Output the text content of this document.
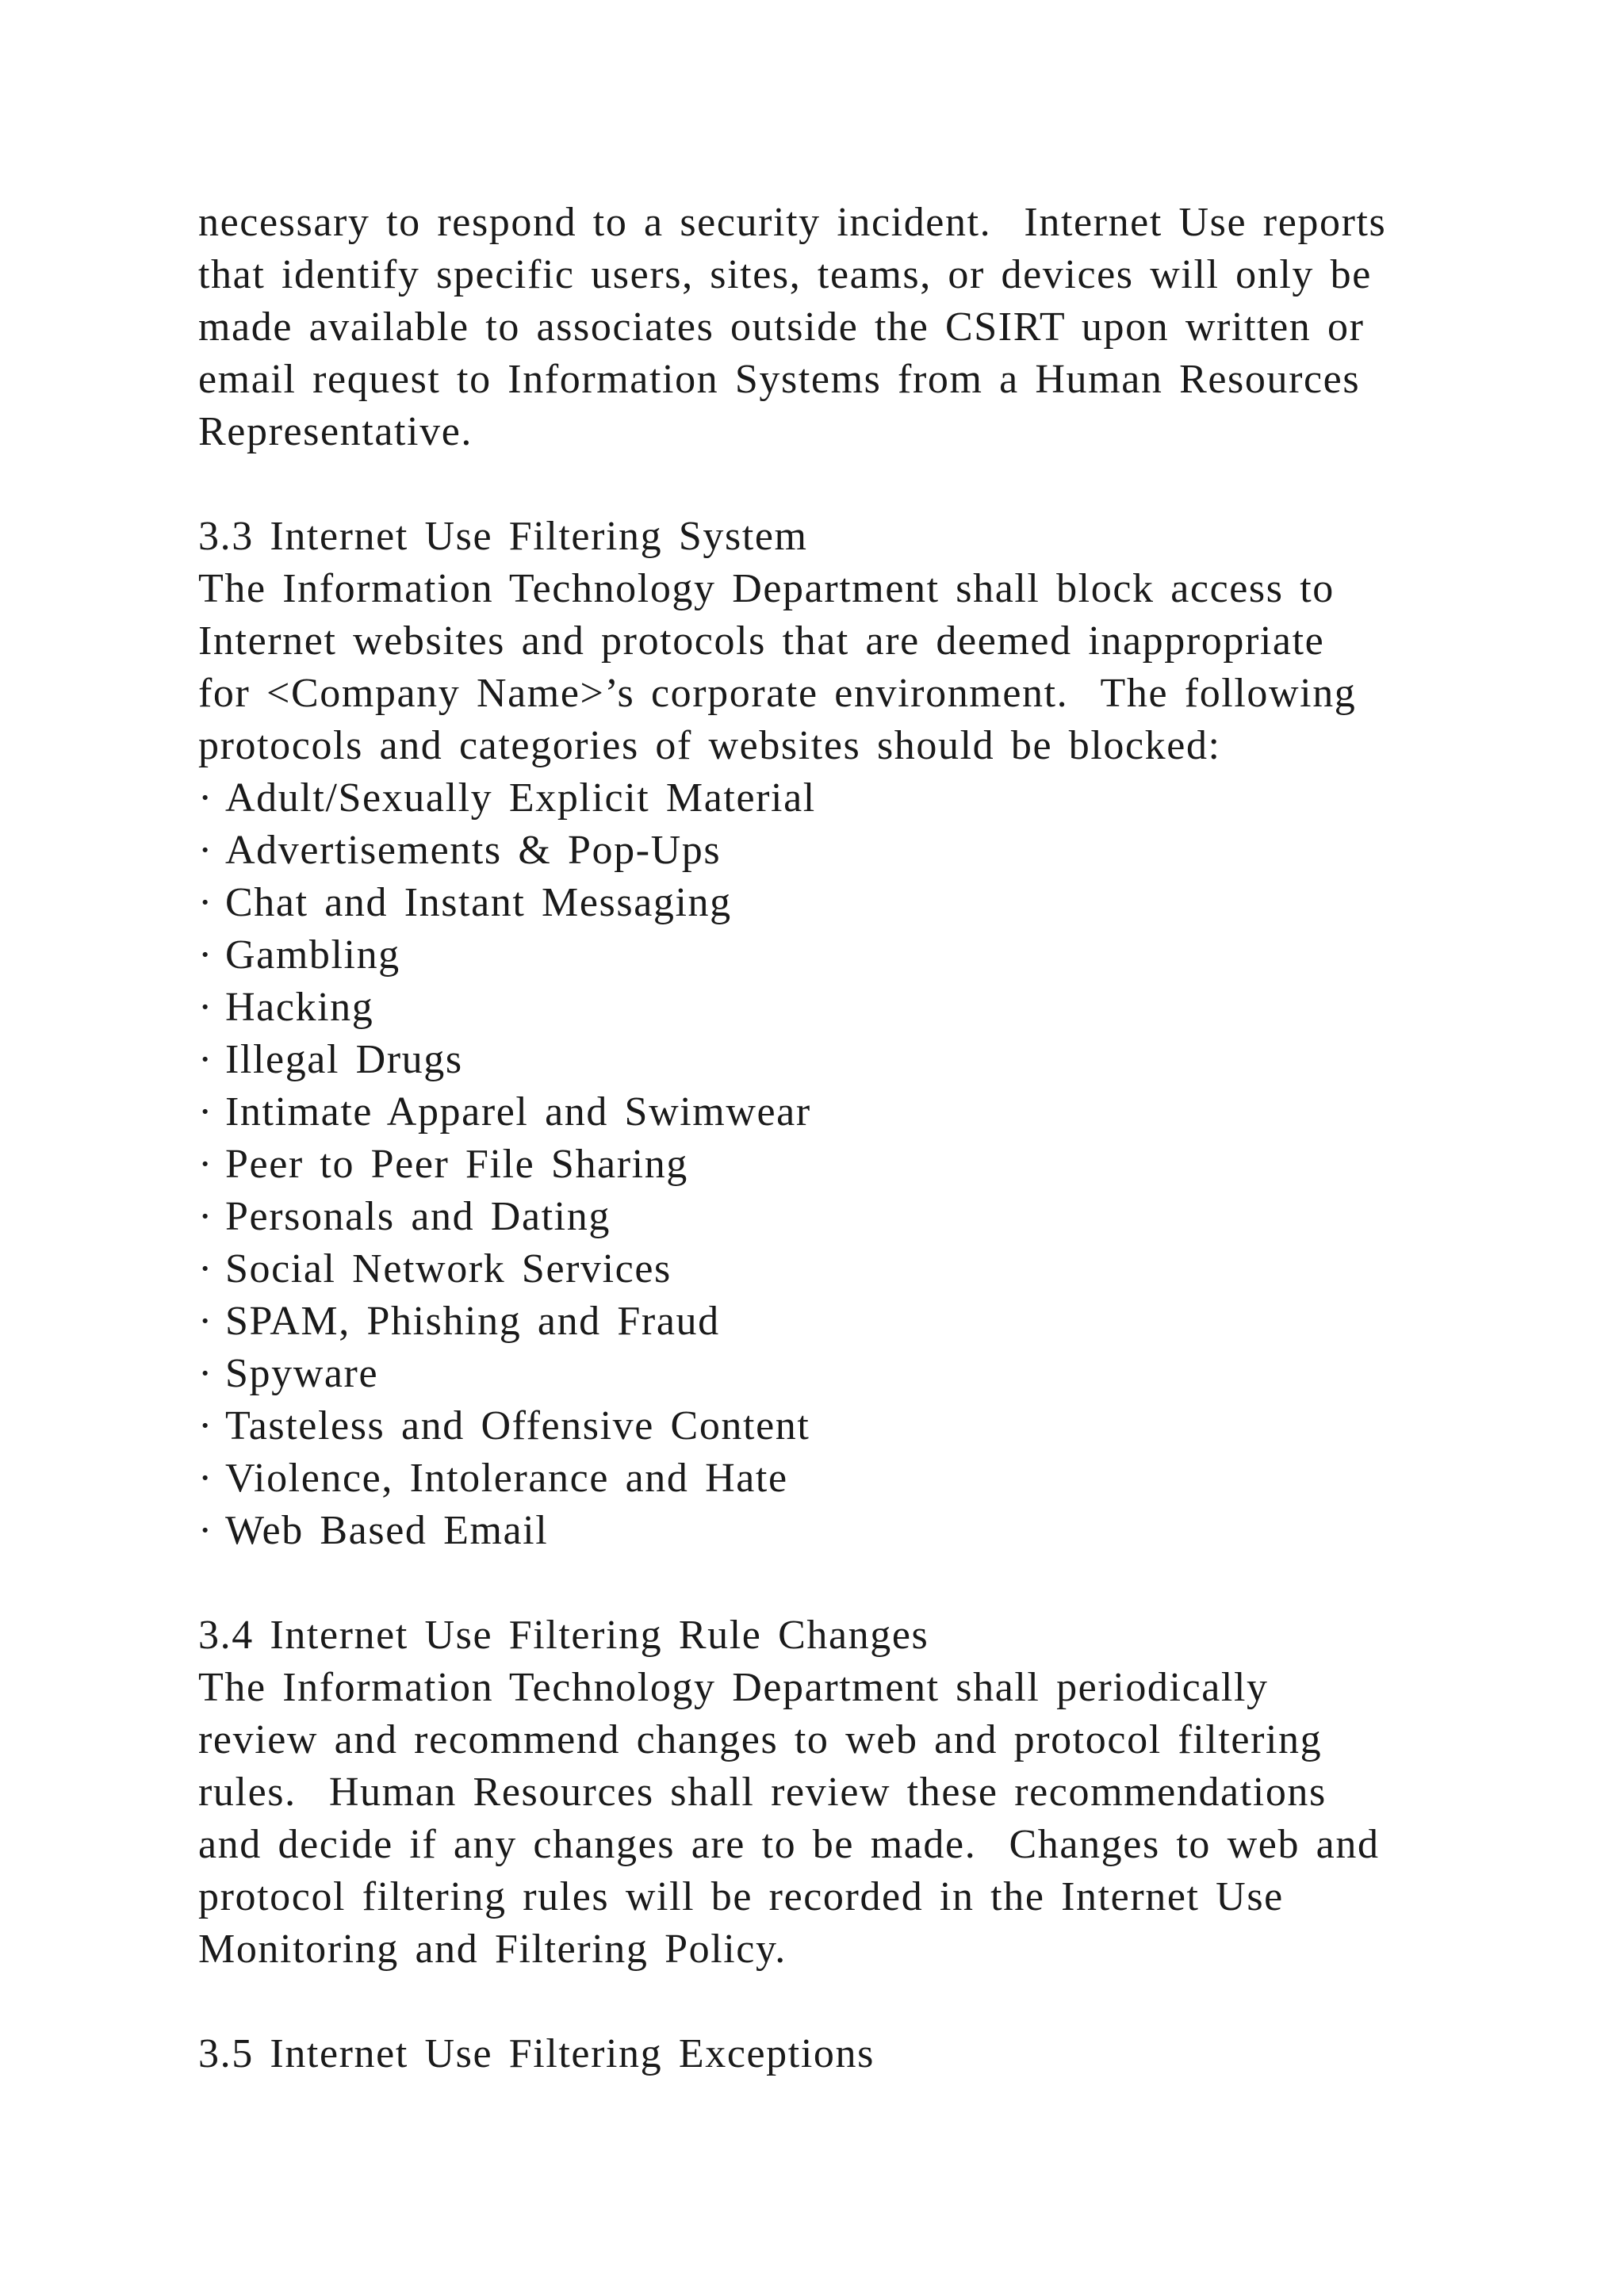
necessary to respond to a security incident.  Internet Use reports
that identify specific users, sites, teams, or devices will only be
made available to associates outside the CSIRT upon written or
email request to Information Systems from a Human Resources
Representative.
3.3 Internet Use Filtering System
The Information Technology Department shall block access to
Internet websites and protocols that are deemed inappropriate
for <Company Name>’s corporate environment.  The following
protocols and categories of websites should be blocked:
· Adult/Sexually Explicit Material
· Advertisements & Pop-Ups
· Chat and Instant Messaging
· Gambling
· Hacking
· Illegal Drugs
· Intimate Apparel and Swimwear
· Peer to Peer File Sharing
· Personals and Dating
· Social Network Services
· SPAM, Phishing and Fraud
· Spyware
· Tasteless and Offensive Content
· Violence, Intolerance and Hate
· Web Based Email
3.4 Internet Use Filtering Rule Changes
The Information Technology Department shall periodically
review and recommend changes to web and protocol filtering
rules.  Human Resources shall review these recommendations
and decide if any changes are to be made.  Changes to web and
protocol filtering rules will be recorded in the Internet Use
Monitoring and Filtering Policy.
3.5 Internet Use Filtering Exceptions
